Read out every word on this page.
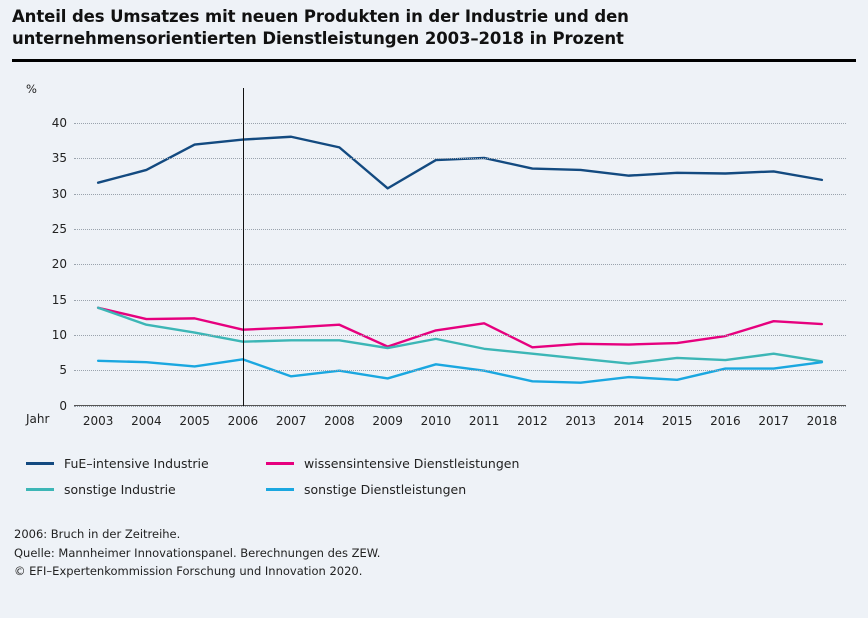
Anteil des Umsatzes mit neuen Produkten in der Industrie und den
unternehmensorientierten Dienstleistungen 2003–2018 in Prozent
%
Jahr
0
5
10
15
20
25
30
35
40
2003 2004 2005 2006 2007 2008 2009 2010 2011 2012 2013 2014 2015 2016 2017 2018
FuE–intensive Industrie	wissensintensive Dienstleistungen
sonstige Industrie	sonstige Dienstleistungen
2006: Bruch in der Zeitreihe.
Quelle: Mannheimer Innovationspanel. Berechnungen des ZEW.
© EFI–Expertenkommission Forschung und Innovation 2020.
